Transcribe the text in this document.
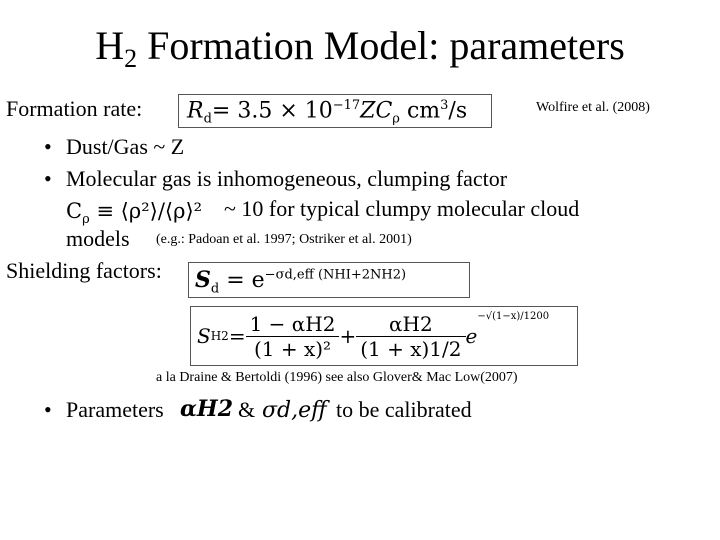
$H_2$ Formation Model: parameters
Formation rate: $R_d= 3.5 \times 10^{-17}ZC_\rho$ $cm^3/s$	Wolfire et al. (2008)
• Dust/Gas ~ Z
• Molecular gas is inhomogeneous, clumping factor
$C_\rho$ ≡ ⟨ρ²⟩/⟨ρ⟩² ~ 10 for typical clumpy molecular cloud
models (e.g.: Padoan et al. 1997; Ostriker et al. 2001)
Shielding factors: $S_d = e^{-\sigma d,eff (NHI+2NH2)}$
S $H2 = \frac{1 - \alpha H2}{\text{(1 + x)²}} + \frac{\alpha H2}{(1 + x)1/2}$ e
−√(1−x)/1200
a la Draine & Bertoldi (1996) see also Glover& Mac Low(2007)
• Parameters αH2 & σd,eff to be calibrated
